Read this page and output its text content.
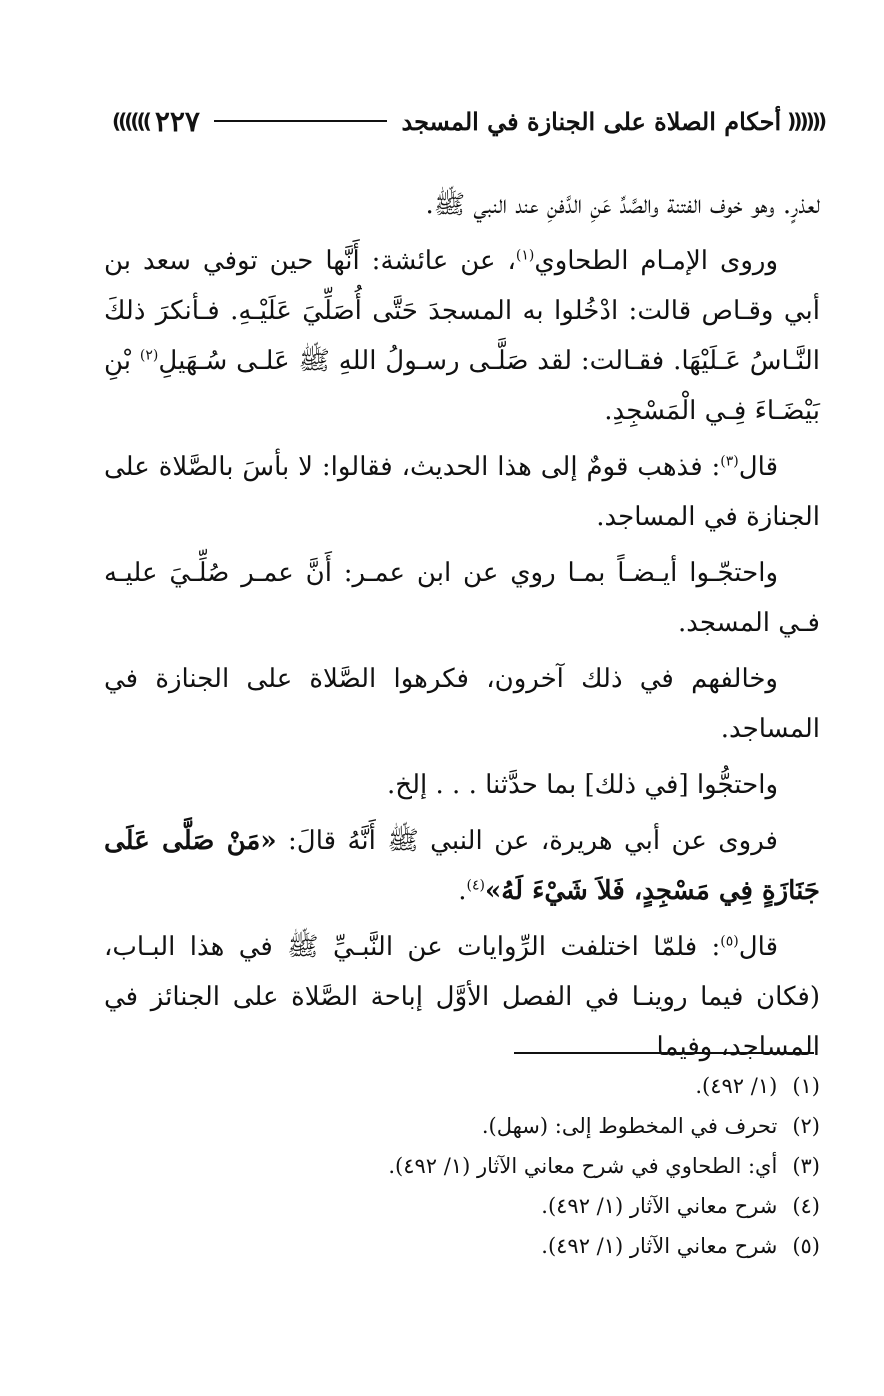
((((((
أحكام الصلاة على الجنازة في المسجد
٢٢٧
))))))

لعذرٍ. وهو خوف الفتنة والصَّدِّ عَنِ الدَّفنِ عند النبي ﷺ.

وروى الإمـام الطحاوي$^{(١)}$، عن عائشة: أَنَّها حين توفي سعد بن أبي وقـاص قالت: ادْخُلوا به المسجدَ حَتَّى أُصَلِّيَ عَلَيْـهِ. فـأنكرَ ذلكَ النَّـاسُ عَـلَيْهَا. فقـالت: لقد صَلَّـى رسـولُ اللهِ ﷺ عَلـى سُـهَيلِ$^{(٢)}$ بْنِ بَيْضَـاءَ فِـي الْمَسْجِدِ.

قال$^{(٣)}$: فذهب قومٌ إلى هذا الحديث، فقالوا: لا بأسَ بالصَّلاة على الجنازة في المساجد.

واحتجّـوا أيـضـاً بمـا روي عن ابن عمـر: أَنَّ عمـر صُلِّـيَ عليـه فـي المسجد.

وخالفهم في ذلك آخرون، فكرهوا الصَّلاة على الجنازة في المساجد.

واحتجُّوا [في ذلك] بما حدَّثنا . . . إلخ.

فروى عن أبي هريرة، عن النبي ﷺ أَنَّهُ قالَ: «مَنْ صَلَّى عَلَى جَنَازَةٍ فِي مَسْجِدٍ، فَلاَ شَيْءَ لَهُ»$^{(٤)}$.

قال$^{(٥)}$: فلمّا اختلفت الرِّوايات عن النَّبـيِّ ﷺ في هذا البـاب، (فكان فيما روينـا في الفصل الأوَّل إباحة الصَّلاة على الجنائز في المساجد، وفيما

(١) (١/ ٤٩٢).
(٢) تحرف في المخطوط إلى: (سهل).
(٣) أي: الطحاوي في شرح معاني الآثار (١/ ٤٩٢).
(٤) شرح معاني الآثار (١/ ٤٩٢).
(٥) شرح معاني الآثار (١/ ٤٩٢).
